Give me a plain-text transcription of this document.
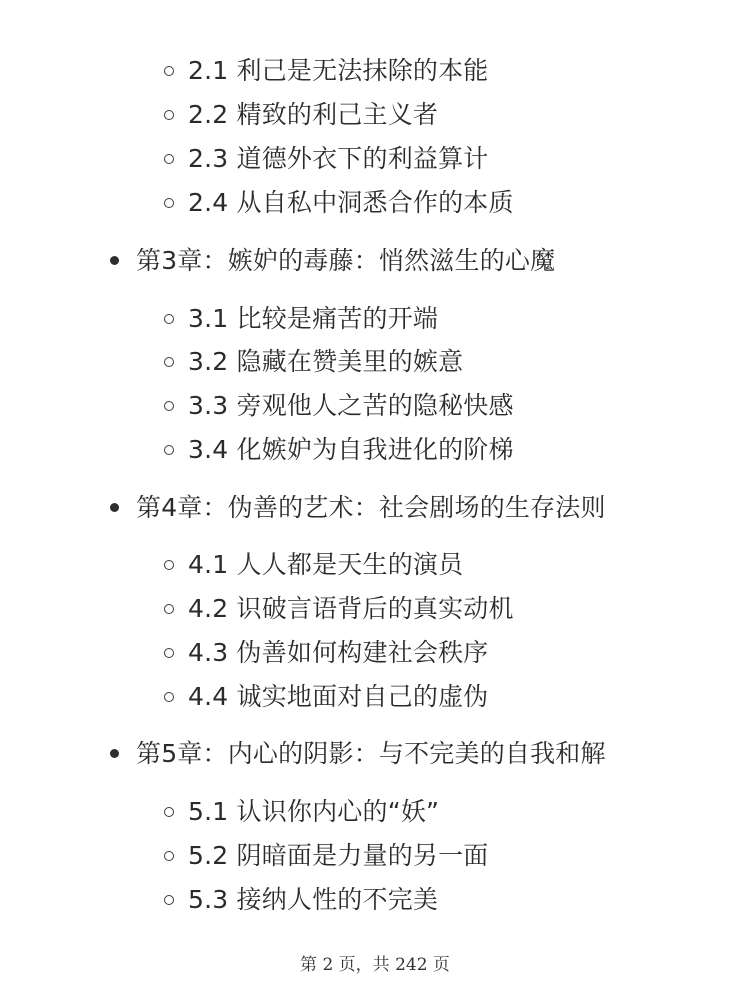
2.1 利己是无法抹除的本能
2.2 精致的利己主义者
2.3 道德外衣下的利益算计
2.4 从自私中洞悉合作的本质
第3章：嫉妒的毒藤：悄然滋生的心魔
3.1 比较是痛苦的开端
3.2 隐藏在赞美里的嫉意
3.3 旁观他人之苦的隐秘快感
3.4 化嫉妒为自我进化的阶梯
第4章：伪善的艺术：社会剧场的生存法则
4.1 人人都是天生的演员
4.2 识破言语背后的真实动机
4.3 伪善如何构建社会秩序
4.4 诚实地面对自己的虚伪
第5章：内心的阴影：与不完美的自我和解
5.1 认识你内心的“妖”
5.2 阴暗面是力量的另一面
5.3 接纳人性的不完美
第 2 页，共 242 页
